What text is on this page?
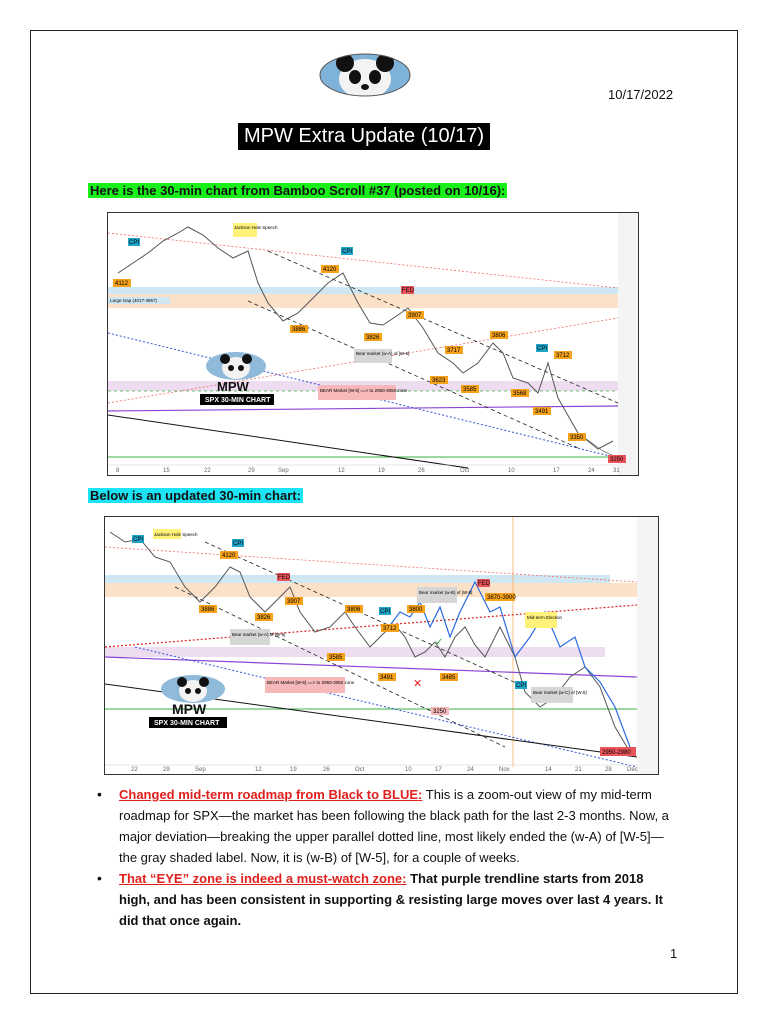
10/17/2022
MPW Extra Update (10/17)
Here is the 30-min chart from Bamboo Scroll #37 (posted on 10/16):
4112
CPI
Jackson Hole Speech
4120
CPI
FED
3907
3886
3826	3806
3717
3623
3585
3568
3712
CPI
3491
3350
3250
Large Gap (4017-3957)
Bear market (w-A) of [W-5]
BEAR Market [W-5] ==> to 2950-3050 zone
MPW
SPX 30-MIN CHART
8	15	22	29	Sep	12	19	26	Oct	10	17	24	31
Below is an updated 30-min chart:
CPI
Jackson Hole Speech
4120
CPI
FED
3907
3886
3826
3806
3712
CPI
3585
3491	3485
3800
FED
3870-3900
3250
CPI
2950-2980
Bear market (w-A) of [W-5]
Bear market (w-B) of [W-5]
Mid-term Election
BEAR Market [W-5] ==> to 2950-3050 zone
Bear market (w-C) of [W-5]
✕
✓
MPW
SPX 30-MIN CHART
22	29	Sep	12	19	26	Oct	10	17	24	Nov	14	21	28	Dec
• Changed mid-term roadmap from Black to BLUE: This is a zoom-out view of my mid-term roadmap for SPX—the market has been following the black path for the last 2-3 months. Now, a major deviation—breaking the upper parallel dotted line, most likely ended the (w-A) of [W-5]—the gray shaded label. Now, it is (w-B) of [W-5], for a couple of weeks.
• That “EYE” zone is indeed a must-watch zone: That purple trendline starts from 2018 high, and has been consistent in supporting & resisting large moves over last 4 years. It did that once again.
1
